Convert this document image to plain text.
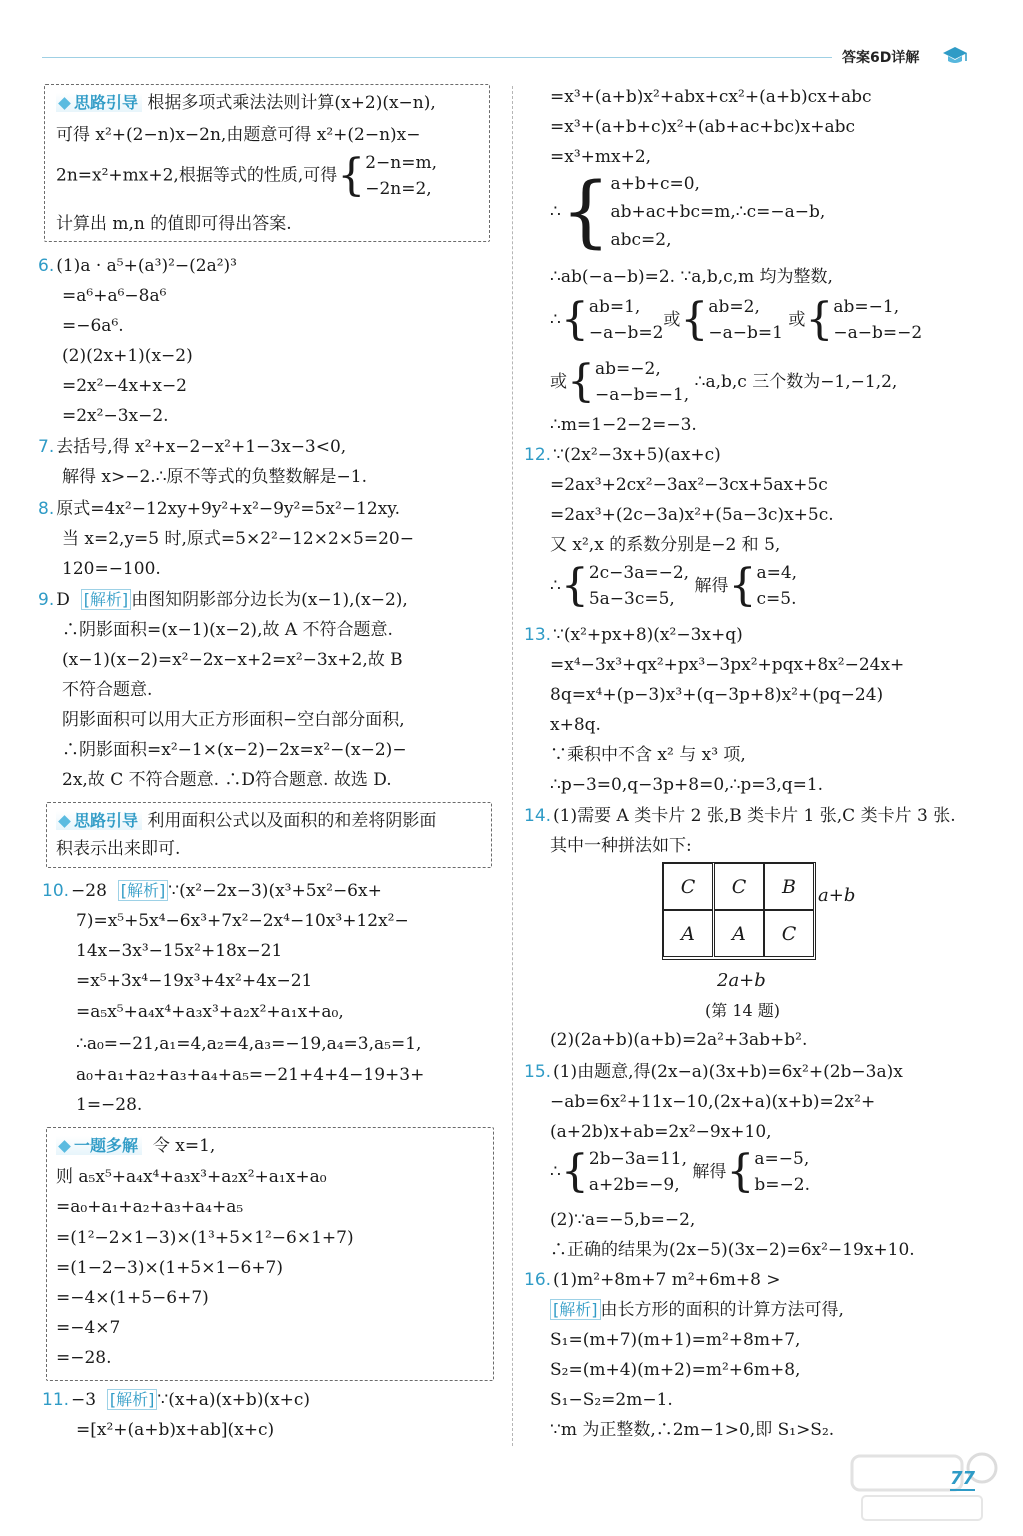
答案6D详解
思路引导 根据多项式乘法法则计算(x+2)(x−n),
可得 x²+(2−n)x−2n,由题意可得 x²+(2−n)x−
2n=x²+mx+2,根据等式的性质,可得{2−n=m,
−2n=2,
计算出 m,n 的值即可得出答案.
6. (1)a · a⁵+(a³)²−(2a²)³
=a⁶+a⁶−8a⁶
=−6a⁶.
(2)(2x+1)(x−2)
=2x²−4x+x−2
=2x²−3x−2.
7. 去括号,得 x²+x−2−x²+1−3x−3<0,
解得 x>−2.∴原不等式的负整数解是−1.
8. 原式=4x²−12xy+9y²+x²−9y²=5x²−12xy.
当 x=2,y=5 时,原式=5×2²−12×2×5=20−
120=−100.
9. D [解析] 由图知阴影部分边长为(x−1),(x−2),
∴阴影面积=(x−1)(x−2),故 A 不符合题意.
(x−1)(x−2)=x²−2x−x+2=x²−3x+2,故 B
不符合题意.
阴影面积可以用大正方形面积−空白部分面积,
∴阴影面积=x²−1×(x−2)−2x=x²−(x−2)−
2x,故 C 不符合题意. ∴D符合题意. 故选 D.
思路引导 利用面积公式以及面积的和差将阴影面
积表示出来即可.
10. −28 [解析] ∵(x²−2x−3)(x³+5x²−6x+
7)=x⁵+5x⁴−6x³+7x²−2x⁴−10x³+12x²−
14x−3x³−15x²+18x−21
=x⁵+3x⁴−19x³+4x²+4x−21
=a₅x⁵+a₄x⁴+a₃x³+a₂x²+a₁x+a₀,
∴a₀=−21,a₁=4,a₂=4,a₃=−19,a₄=3,a₅=1,
a₀+a₁+a₂+a₃+a₄+a₅=−21+4+4−19+3+
1=−28.
一题多解 令 x=1,
则 a₅x⁵+a₄x⁴+a₃x³+a₂x²+a₁x+a₀
=a₀+a₁+a₂+a₃+a₄+a₅
=(1²−2×1−3)×(1³+5×1²−6×1+7)
=(1−2−3)×(1+5×1−6+7)
=−4×(1+5−6+7)
=−4×7
=−28.
11. −3 [解析] ∵(x+a)(x+b)(x+c)
=[x²+(a+b)x+ab](x+c)
=x³+(a+b)x²+abx+cx²+(a+b)cx+abc
=x³+(a+b+c)x²+(ab+ac+bc)x+abc
=x³+mx+2,
∴{a+b+c=0,
ab+ac+bc=m,∴c=−a−b,
abc=2,
∴ab(−a−b)=2. ∵a,b,c,m 均为整数,
∴{ab=1,
−a−b=2或{ab=2,
−a−b=1 或{ab=−1,
−a−b=−2
或{ab=−2,
−a−b=−1, ∴a,b,c 三个数为−1,−1,2,
∴m=1−2−2=−3.
12. ∵(2x²−3x+5)(ax+c)
=2ax³+2cx²−3ax²−3cx+5ax+5c
=2ax³+(2c−3a)x²+(5a−3c)x+5c.
又 x²,x 的系数分别是−2 和 5,
∴{2c−3a=−2,
5a−3c=5, 解得{a=4,
c=5.
13. ∵(x²+px+8)(x²−3x+q)
=x⁴−3x³+qx²+px³−3px²+pqx+8x²−24x+
8q=x⁴+(p−3)x³+(q−3p+8)x²+(pq−24)
x+8q.
∵乘积中不含 x² 与 x³ 项,
∴p−3=0,q−3p+8=0,∴p=3,q=1.
14. (1)需要 A 类卡片 2 张,B 类卡片 1 张,C 类卡片 3 张.
其中一种拼法如下:
C	C	B
A	A	C
a+b
2a+b
(第 14 题)
(2)(2a+b)(a+b)=2a²+3ab+b².
15. (1)由题意,得(2x−a)(3x+b)=6x²+(2b−3a)x
−ab=6x²+11x−10,(2x+a)(x+b)=2x²+
(a+2b)x+ab=2x²−9x+10,
∴{2b−3a=11,
a+2b=−9, 解得{a=−5,
b=−2.
(2)∵a=−5,b=−2,
∴正确的结果为(2x−5)(3x−2)=6x²−19x+10.
16. (1)m²+8m+7 m²+6m+8 >
[解析] 由长方形的面积的计算方法可得,
S₁=(m+7)(m+1)=m²+8m+7,
S₂=(m+4)(m+2)=m²+6m+8,
S₁−S₂=2m−1.
∵m 为正整数,∴2m−1>0,即 S₁>S₂.
77
